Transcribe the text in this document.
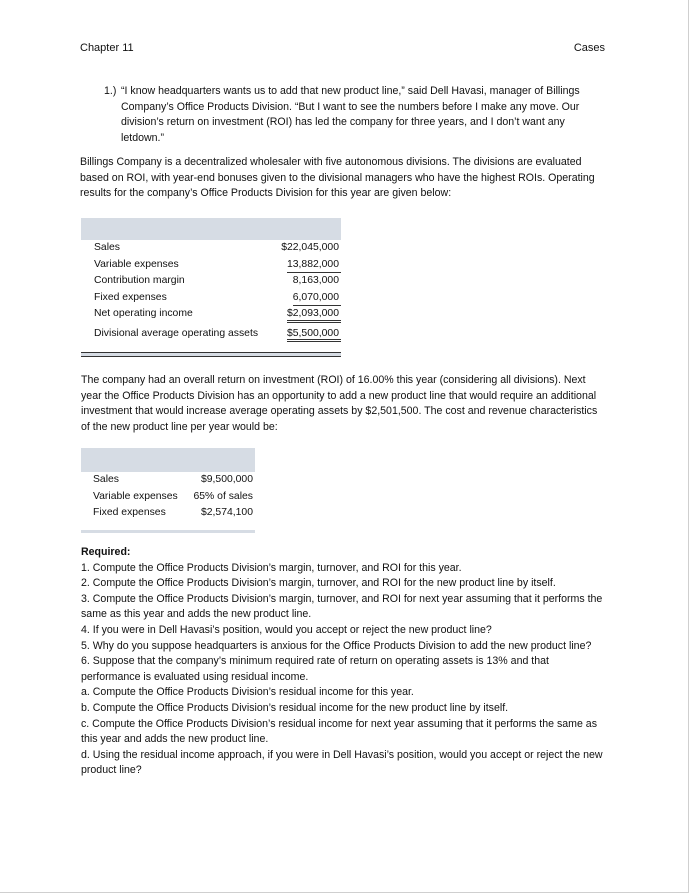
Chapter 11	Cases
1.) “I know headquarters wants us to add that new product line,” said Dell Havasi, manager of Billings Company’s Office Products Division. “But I want to see the numbers before I make any move. Our division’s return on investment (ROI) has led the company for three years, and I don’t want any letdown.”
Billings Company is a decentralized wholesaler with five autonomous divisions. The divisions are evaluated based on ROI, with year-end bonuses given to the divisional managers who have the highest ROIs. Operating results for the company’s Office Products Division for this year are given below:
Sales	$22,045,000
Variable expenses	13,882,000
Contribution margin	8,163,000
Fixed expenses	6,070,000
Net operating income	$2,093,000
Divisional average operating assets	$5,500,000
The company had an overall return on investment (ROI) of 16.00% this year (considering all divisions). Next year the Office Products Division has an opportunity to add a new product line that would require an additional investment that would increase average operating assets by $2,501,500. The cost and revenue characteristics of the new product line per year would be:
Sales	$9,500,000
Variable expenses 65% of sales
Fixed expenses	$2,574,100
Required:
1. Compute the Office Products Division’s margin, turnover, and ROI for this year.
2. Compute the Office Products Division’s margin, turnover, and ROI for the new product line by itself.
3. Compute the Office Products Division’s margin, turnover, and ROI for next year assuming that it performs the same as this year and adds the new product line.
4. If you were in Dell Havasi’s position, would you accept or reject the new product line?
5. Why do you suppose headquarters is anxious for the Office Products Division to add the new product line?
6. Suppose that the company’s minimum required rate of return on operating assets is 13% and that performance is evaluated using residual income.
a. Compute the Office Products Division’s residual income for this year.
b. Compute the Office Products Division’s residual income for the new product line by itself.
c. Compute the Office Products Division’s residual income for next year assuming that it performs the same as this year and adds the new product line.
d. Using the residual income approach, if you were in Dell Havasi’s position, would you accept or reject the new product line?
